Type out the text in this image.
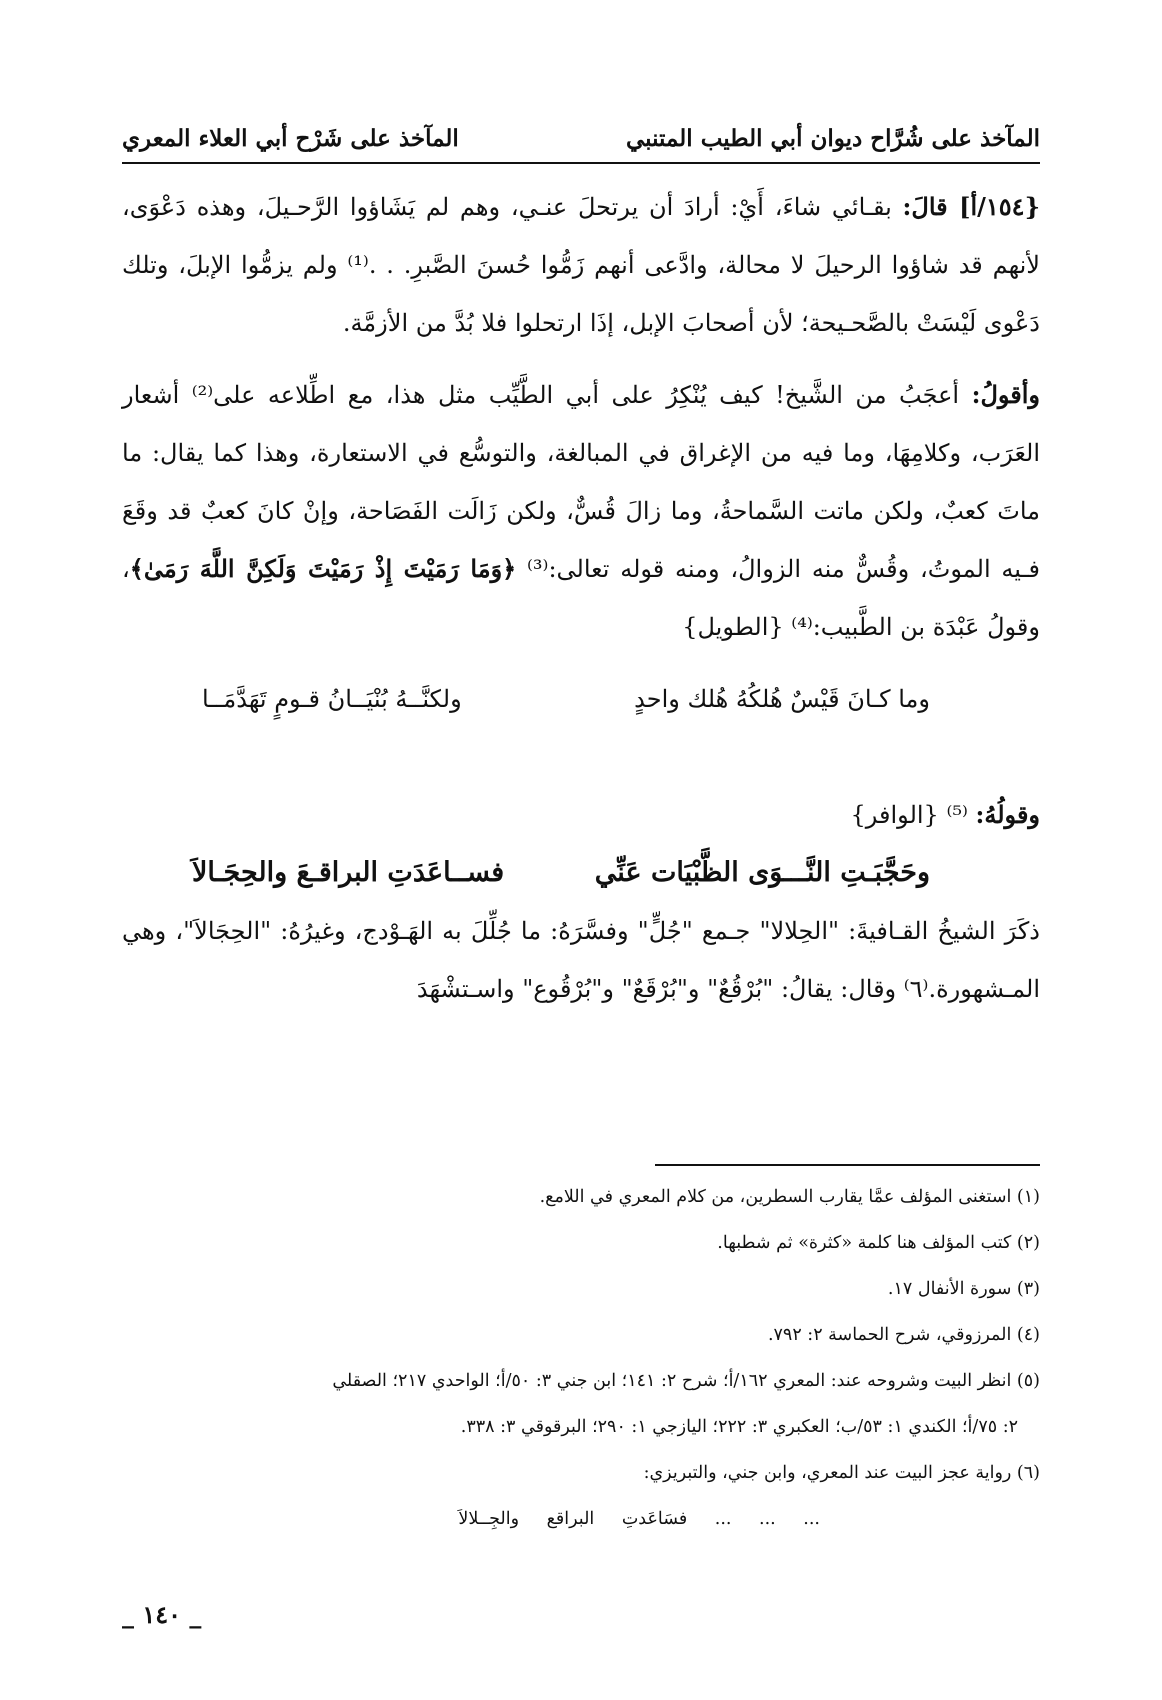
المآخذ على شُرَّاح ديوان أبي الطيب المتنبي
المآخذ على شَرْح أبي العلاء المعري

{١٥٤/أ] قالَ: بقـائي شاءَ، أَيْ: أرادَ أن يرتحلَ عنـي، وهم لم يَشَاؤوا الرَّحـيلَ، وهذه دَعْوَى، لأنهم قد شاؤوا الرحيلَ لا محالة، وادَّعى أنهم زَمُّوا حُسنَ الصَّبرِ. . .⁽¹⁾ ولم يزمُّوا الإبلَ، وتلك دَعْوى لَيْسَتْ بالصَّحـيحة؛ لأن أصحابَ الإبل، إذَا ارتحلوا فلا بُدَّ من الأزمَّة.

وأقولُ: أعجَبُ من الشَّيخ! كيف يُنْكِرُ على أبي الطَّيِّب مثل هذا، مع اطِّلاعه على⁽²⁾ أشعار العَرَب، وكلامِهَا، وما فيه من الإغراق في المبالغة، والتوسُّع في الاستعارة، وهذا كما يقال: ما ماتَ كعبٌ، ولكن ماتت السَّماحةُ، وما زالَ قُسٌّ، ولكن زَالَت الفَصَاحة، وإنْ كانَ كعبٌ قد وقَعَ فـيه الموتُ، وقُسٌّ منه الزوالُ، ومنه قوله تعالى:⁽³⁾ ﴿وَمَا رَمَيْتَ إِذْ رَمَيْتَ وَلَكِنَّ اللَّهَ رَمَىٰ﴾، وقولُ عَبْدَة بن الطَّبيب:⁽⁴⁾ {الطويل}

وما كـانَ قَيْسٌ هُلكُهُ هُلك واحدٍ
ولكنَّــهُ بُنْيَــانُ قـومٍ تَهَدَّمَــا

وقولُهُ: ⁽⁵⁾ {الوافر}

وحَجَّبَـتِ النَّـــوَى الظَّبْيَات عَنِّي
فســاعَدَتِ البراقـعَ والحِجَـالاَ

ذكَرَ الشيخُ القـافيةَ: "الحِلالا" جـمع "جُلٍّ" وفسَّرَهُ: ما جُلِّلَ به الهَـوْدج، وغيرُهُ: "الحِجَالاَ"، وهي المـشهورة.⁽٦⁾ وقال: يقالُ: "بُرْقُعٌ" و"بُرْقَعٌ" و"بُرْقُوع" واسـتشْهَدَ

(١) استغنى المؤلف عمَّا يقارب السطرين، من كلام المعري في اللامع.

(٢) كتب المؤلف هنا كلمة «كثرة» ثم شطبها.

(٣) سورة الأنفال ١٧.

(٤) المرزوقي، شرح الحماسة ٢: ٧٩٢.

(٥) انظر البيت وشروحه عند: المعري ١٦٢/أ؛ شرح ٢: ١٤١؛ ابن جني ٣: ٥٠/أ؛ الواحدي ٢١٧؛ الصقلي

٢: ٧٥/أ؛ الكندي ١: ٥٣/ب؛ العكبري ٣: ٢٢٢؛ اليازجي ١: ٢٩٠؛ البرقوقي ٣: ٣٣٨.

(٦) رواية عجز البيت عند المعري، وابن جني، والتبريزي:

... ... ... فسَاعَدتِ البراقع والجِــلالاَ

_ ١٤٠ _
